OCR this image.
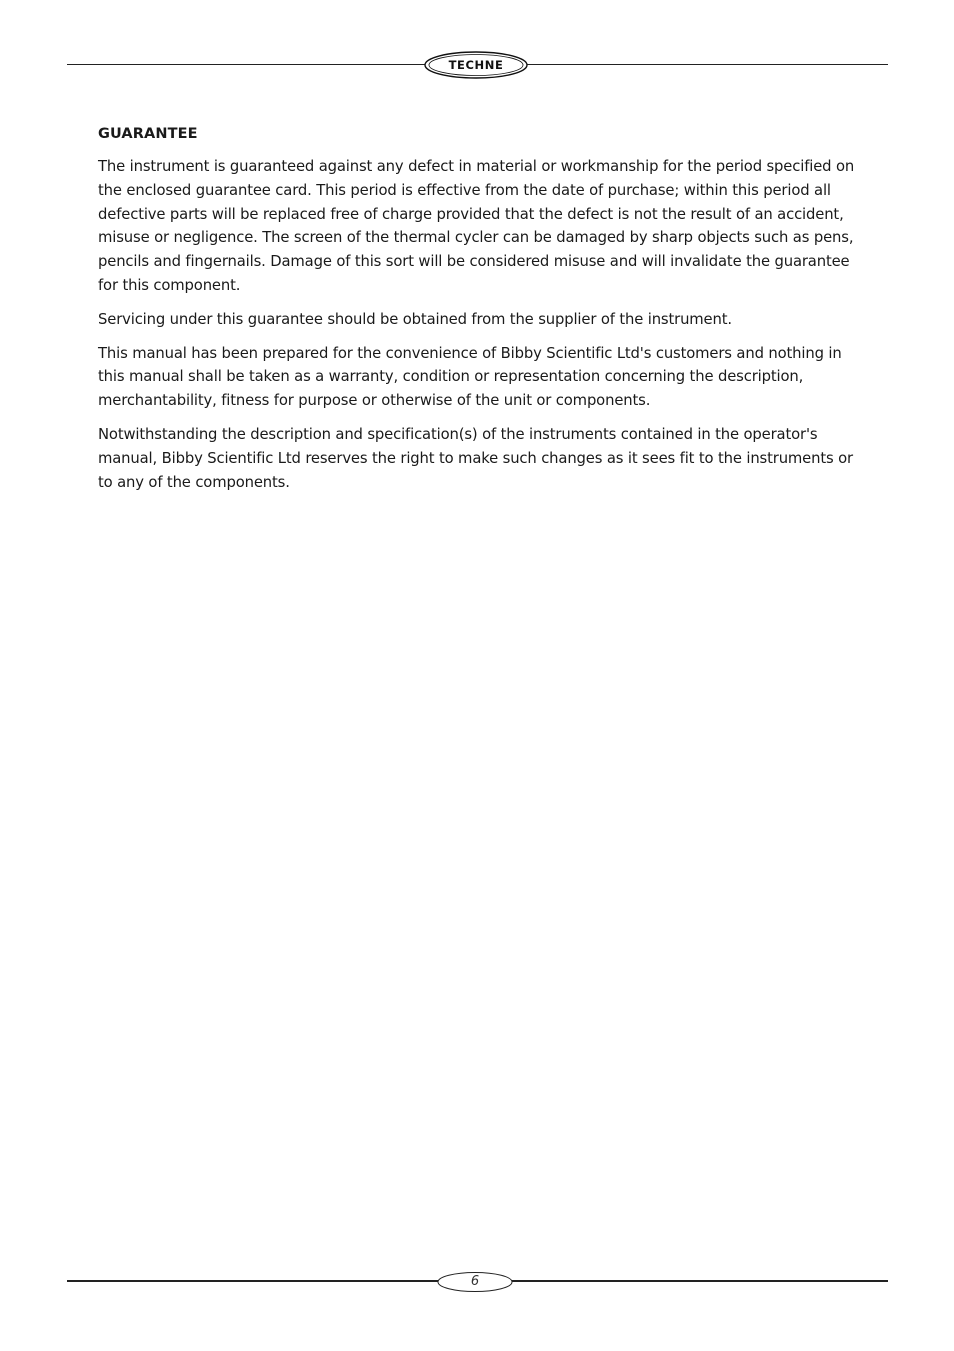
TECHNE
GUARANTEE

The instrument is guaranteed against any defect in material or workmanship for the period specified on the enclosed guarantee card. This period is effective from the date of purchase; within this period all defective parts will be replaced free of charge provided that the defect is not the result of an accident, misuse or negligence. The screen of the thermal cycler can be damaged by sharp objects such as pens, pencils and fingernails. Damage of this sort will be considered misuse and will invalidate the guarantee for this component.

Servicing under this guarantee should be obtained from the supplier of the instrument.

This manual has been prepared for the convenience of Bibby Scientific Ltd's customers and nothing in this manual shall be taken as a warranty, condition or representation concerning the description, merchantability, fitness for purpose or otherwise of the unit or components.

Notwithstanding the description and specification(s) of the instruments contained in the operator's manual, Bibby Scientific Ltd reserves the right to make such changes as it sees fit to the instruments or to any of the components.

6
